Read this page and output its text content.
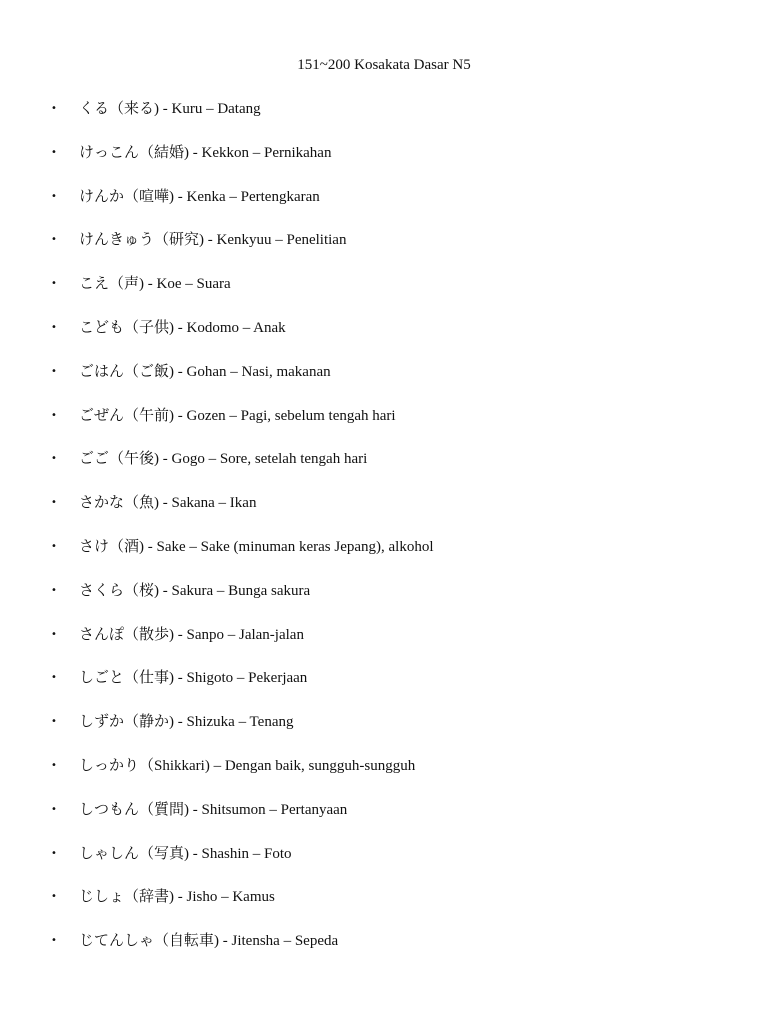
151~200 Kosakata Dasar N5
• くる（来る) - Kuru – Datang
• けっこん（結婚) - Kekkon – Pernikahan
• けんか（喧嘩) - Kenka – Pertengkaran
• けんきゅう（研究) - Kenkyuu – Penelitian
• こえ（声) - Koe – Suara
• こども（子供) - Kodomo – Anak
• ごはん（ご飯) - Gohan – Nasi, makanan
• ごぜん（午前) - Gozen – Pagi, sebelum tengah hari
• ごご（午後) - Gogo – Sore, setelah tengah hari
• さかな（魚) - Sakana – Ikan
• さけ（酒) - Sake – Sake (minuman keras Jepang), alkohol
• さくら（桜) - Sakura – Bunga sakura
• さんぽ（散歩) - Sanpo – Jalan-jalan
• しごと（仕事) - Shigoto – Pekerjaan
• しずか（静か) - Shizuka – Tenang
• しっかり（Shikkari) – Dengan baik, sungguh-sungguh
• しつもん（質問) - Shitsumon – Pertanyaan
• しゃしん（写真) - Shashin – Foto
• じしょ（辞書) - Jisho – Kamus
• じてんしゃ（自転車) - Jitensha – Sepeda
